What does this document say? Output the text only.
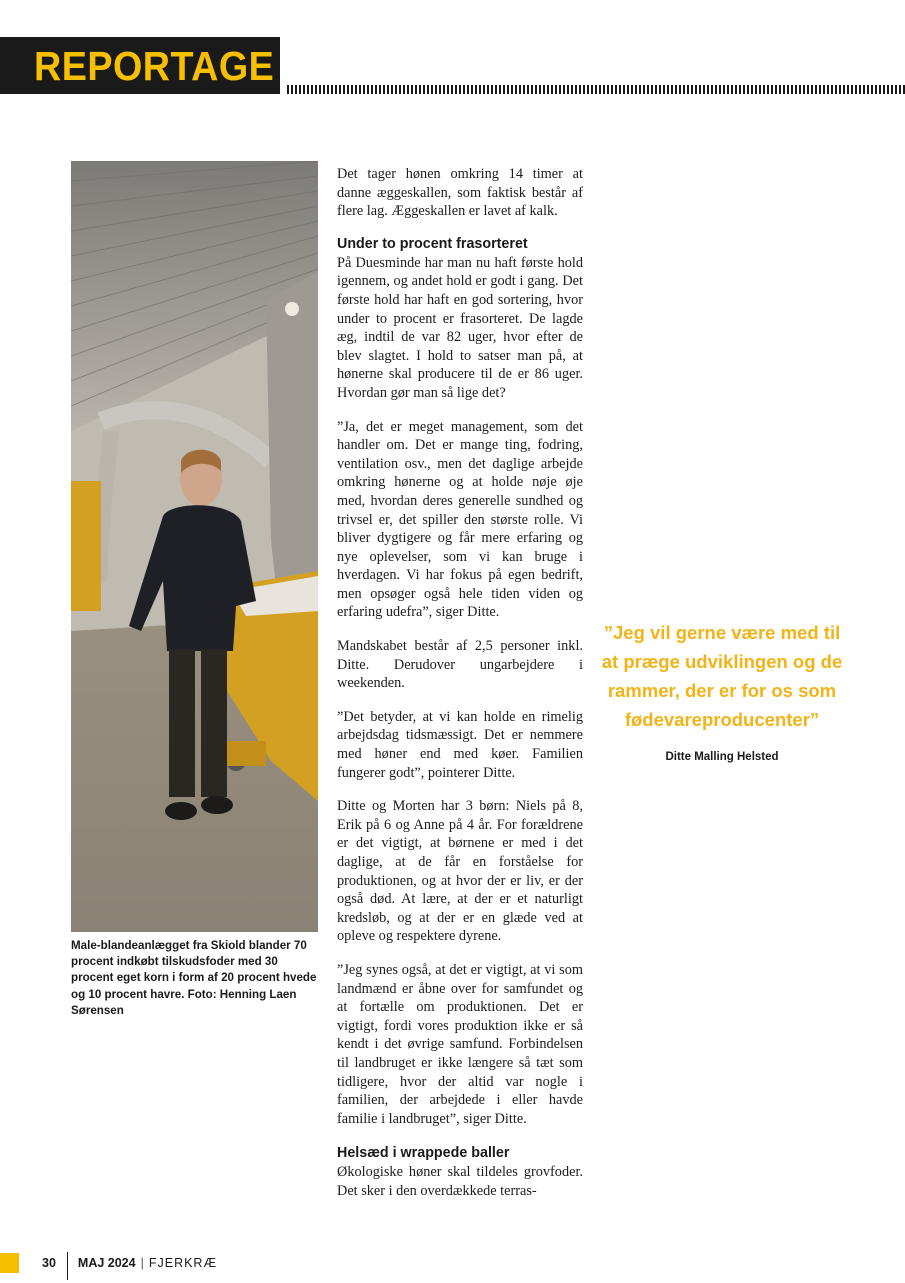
REPORTAGE
Male-blandeanlægget fra Skiold blander 70 procent indkøbt tilskudsfoder med 30 procent eget korn i form af 20 procent hvede og 10 procent havre. Foto: Henning Laen Sørensen

Det tager hønen omkring 14 timer at danne æggeskallen, som faktisk består af flere lag. Æggeskallen er lavet af kalk.

Under to procent frasorteret

På Duesminde har man nu haft første hold igennem, og andet hold er godt i gang. Det første hold har haft en god sortering, hvor under to procent er frasorteret. De lagde æg, indtil de var 82 uger, hvor efter de blev slagtet. I hold to satser man på, at hønerne skal producere til de er 86 uger. Hvordan gør man så lige det?

”Ja, det er meget management, som det handler om. Det er mange ting, fodring, ventilation osv., men det daglige arbejde omkring hønerne og at holde nøje øje med, hvordan deres generelle sundhed og trivsel er, det spiller den største rolle. Vi bliver dygtigere og får mere erfaring og nye oplevelser, som vi kan bruge i hverdagen. Vi har fokus på egen bedrift, men opsøger også hele tiden viden og erfaring udefra”, siger Ditte.

Mandskabet består af 2,5 personer inkl. Ditte. Derudover ungarbejdere i weekenden.

”Det betyder, at vi kan holde en rimelig arbejdsdag tidsmæssigt. Det er nemmere med høner end med køer. Familien fungerer godt”, pointerer Ditte.

Ditte og Morten har 3 børn: Niels på 8, Erik på 6 og Anne på 4 år. For forældrene er det vigtigt, at børnene er med i det daglige, at de får en forståelse for produktionen, og at hvor der er liv, er der også død. At lære, at der er et naturligt kredsløb, og at der er en glæde ved at opleve og respektere dyrene.

”Jeg synes også, at det er vigtigt, at vi som landmænd er åbne over for samfundet og at fortælle om produktionen. Det er vigtigt, fordi vores produktion ikke er så kendt i det øvrige samfund. Forbindelsen til landbruget er ikke længere så tæt som tidligere, hvor der altid var nogle i familien, der arbejdede i eller havde familie i landbruget”, siger Ditte.

Helsæd i wrappede baller

Økologiske høner skal tildeles grovfoder. Det sker i den overdækkede terras-

”Jeg vil gerne være med til at præge udviklingen og de rammer, der er for os som fødevareproducenter”
Ditte Malling Helsted
30 MAJ 2024 | FJERKRÆ
